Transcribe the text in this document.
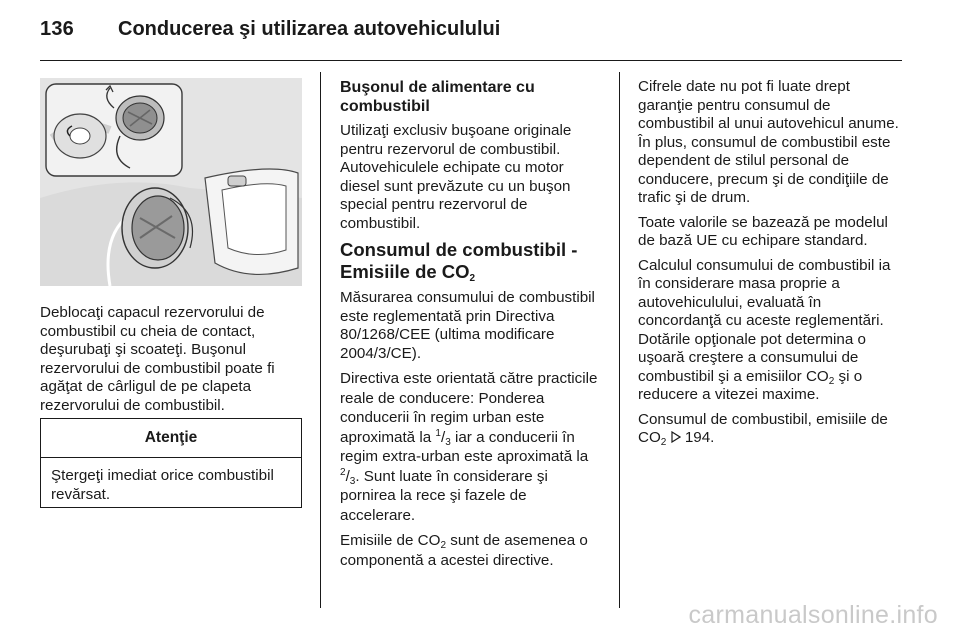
136 Conducerea şi utilizarea autovehiculului

Deblocaţi capacul rezervorului de combustibil cu cheia de contact, deşurubaţi şi scoateţi. Buşonul rezervorului de combustibil poate fi agăţat de cârligul de pe clapeta rezervorului de combustibil.

Atenţie
Ştergeţi imediat orice combustibil revărsat.

Buşonul de alimentare cu combustibil

Utilizaţi exclusiv buşoane originale pentru rezervorul de combustibil. Autovehiculele echipate cu motor diesel sunt prevăzute cu un buşon special pentru rezervorul de combustibil.

Consumul de combustibil - Emisiile de $CO_2$

Măsurarea consumului de combustibil este reglementată prin Directiva 80/1268/CEE (ultima modificare 2004/3/CE).

Directiva este orientată către practicile reale de conducere: Ponderea conducerii în regim urban este aproximată la $^1/_3$ iar a conducerii în regim extra-urban este aproximată la $^2/_3$. Sunt luate în considerare şi pornirea la rece şi fazele de accelerare.

Emisiile de $CO_2$ sunt de asemenea o componentă a acestei directive.

Cifrele date nu pot fi luate drept garanţie pentru consumul de combustibil al unui autovehicul anume. În plus, consumul de combustibil este dependent de stilul personal de conducere, precum şi de condiţiile de trafic şi de drum.

Toate valorile se bazează pe modelul de bază UE cu echipare standard.

Calculul consumului de combustibil ia în considerare masa proprie a autovehiculului, evaluată în concordanţă cu aceste reglementări. Dotările opţionale pot determina o uşoară creştere a consumului de combustibil şi a emisiilor $CO_2$ şi o reducere a vitezei maxime.

Consumul de combustibil, emisiile de $CO_2$ 194.

carmanualsonline.info
